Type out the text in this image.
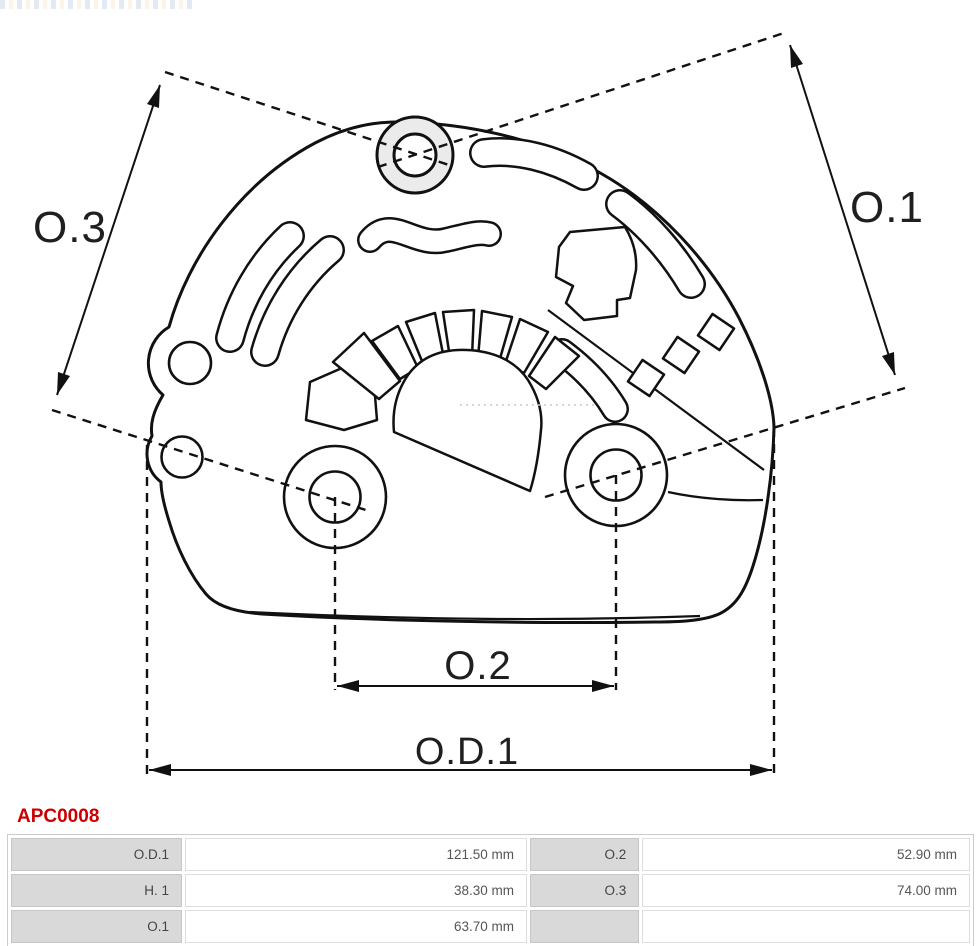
O.3	O.1
O.2
O.D.1
APC0008
O.D.1	121.50 mm	O.2	52.90 mm
H. 1	38.30 mm	O.3	74.00 mm
O.1	63.70 mm		
